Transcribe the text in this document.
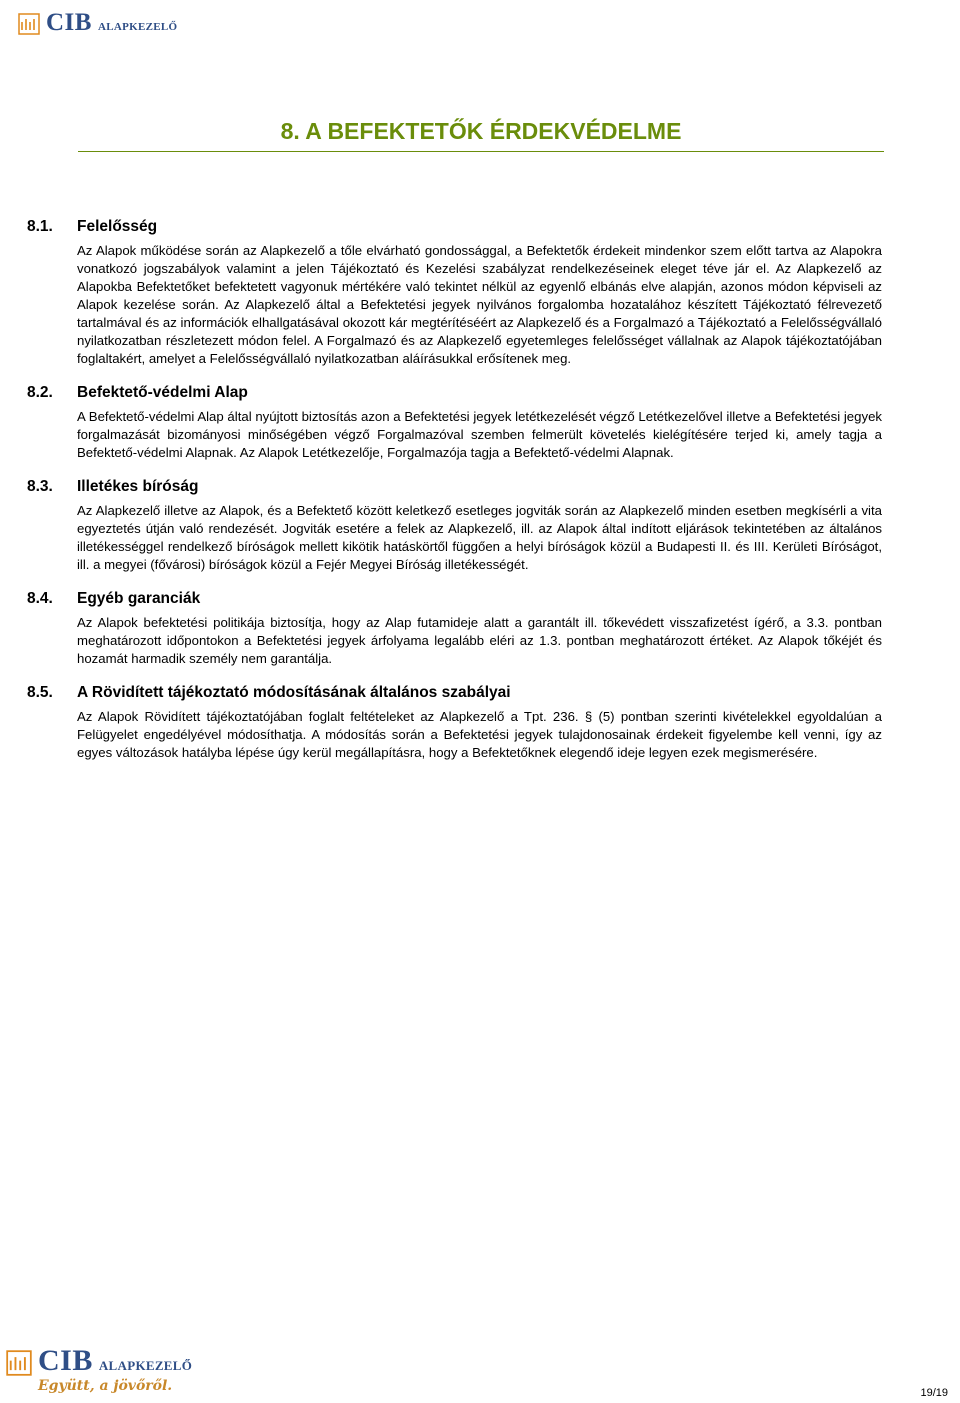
CIB ALAPKEZELŐ
8. A BEFEKTETŐK ÉRDEKVÉDELME
8.1.	Felelősség
Az Alapok működése során az Alapkezelő a tőle elvárható gondossággal, a Befektetők érdekeit mindenkor szem előtt tartva az Alapokra vonatkozó jogszabályok valamint a jelen Tájékoztató és Kezelési szabályzat rendelkezéseinek eleget téve jár el. Az Alapkezelő az Alapokba Befektetőket befektetett vagyonuk mértékére való tekintet nélkül az egyenlő elbánás elve alapján, azonos módon képviseli az Alapok kezelése során. Az Alapkezelő által a Befektetési jegyek nyilvános forgalomba hozatalához készített Tájékoztató félrevezető tartalmával és az információk elhallgatásával okozott kár megtérítéséért az Alapkezelő és a Forgalmazó a Tájékoztató a Felelősségvállaló nyilatkozatban részletezett módon felel. A Forgalmazó és az Alapkezelő egyetemleges felelősséget vállalnak az Alapok tájékoztatójában foglaltakért, amelyet a Felelősségvállaló nyilatkozatban aláírásukkal erősítenek meg.
8.2.	Befektető-védelmi Alap
A Befektető-védelmi Alap által nyújtott biztosítás azon a Befektetési jegyek letétkezelését végző Letétkezelővel illetve a Befektetési jegyek forgalmazását bizományosi minőségében végző Forgalmazóval szemben felmerült követelés kielégítésére terjed ki, amely tagja a Befektető-védelmi Alapnak. Az Alapok Letétkezelője, Forgalmazója tagja a Befektető-védelmi Alapnak.
8.3.	Illetékes bíróság
Az Alapkezelő illetve az Alapok, és a Befektető között keletkező esetleges jogviták során az Alapkezelő minden esetben megkísérli a vita egyeztetés útján való rendezését. Jogviták esetére a felek az Alapkezelő, ill. az Alapok által indított eljárások tekintetében az általános illetékességgel rendelkező bíróságok mellett kikötik hatáskörtől függően a helyi bíróságok közül a Budapesti II. és III. Kerületi Bíróságot, ill. a megyei (fővárosi) bíróságok közül a Fejér Megyei Bíróság illetékességét.
8.4.	Egyéb garanciák
Az Alapok befektetési politikája biztosítja, hogy az Alap futamideje alatt a garantált ill. tőkevédett visszafizetést ígérő, a 3.3. pontban meghatározott időpontokon a Befektetési jegyek árfolyama legalább eléri az 1.3. pontban meghatározott értéket. Az Alapok tőkéjét és hozamát harmadik személy nem garantálja.
8.5.	A Rövidített tájékoztató módosításának általános szabályai
Az Alapok Rövidített tájékoztatójában foglalt feltételeket az Alapkezelő a Tpt. 236. § (5) pontban szerinti kivételekkel egyoldalúan a Felügyelet engedélyével módosíthatja. A módosítás során a Befektetési jegyek tulajdonosainak érdekeit figyelembe kell venni, így az egyes változások hatályba lépése úgy kerül megállapításra, hogy a Befektetőknek elegendő ideje legyen ezek megismerésére.
CIB ALAPKEZELŐ
Együtt, a jövőről.	19/19
